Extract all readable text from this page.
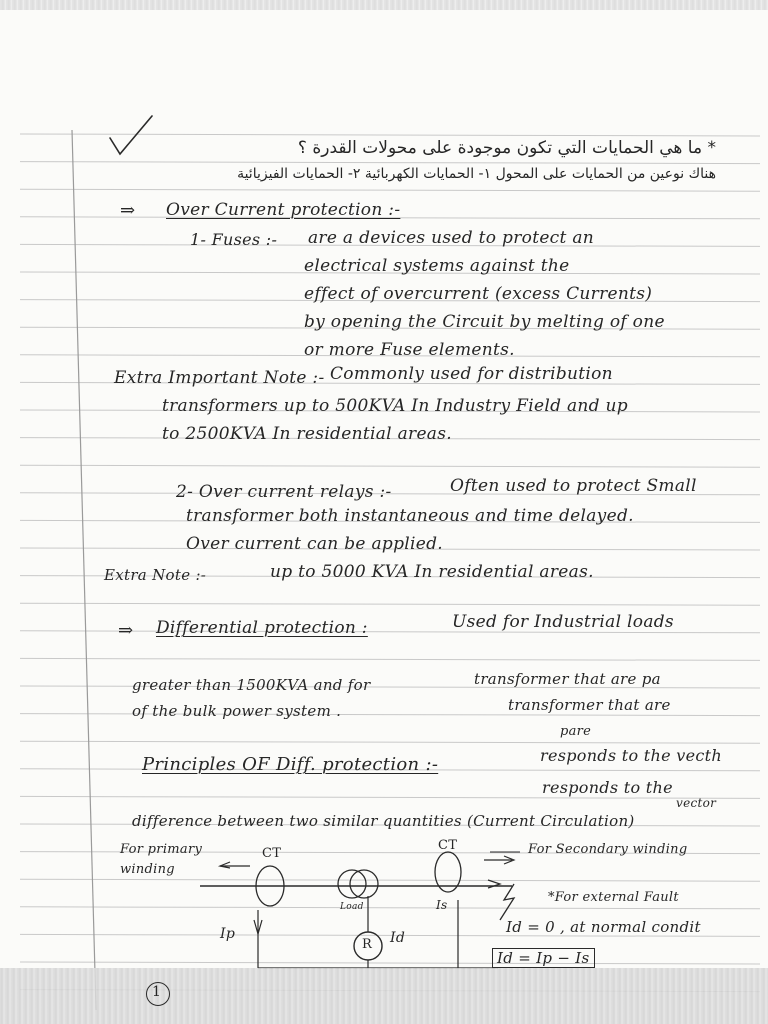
* ما هي الحمايات التي تكون موجودة على محولات القدرة ؟
هناك نوعين من الحمايات على المحول ١- الحمايات الكهربائية ٢- الحمايات الفيزيائية
⇒ Over Current protection :-
1- Fuses :- are a devices used to protect an
electrical systems against the
effect of overcurrent (excess Currents)
by opening the Circuit by melting of one
or more Fuse elements.
Extra Important Note :- Commonly used for distribution
transformers up to 500KVA In Industry Field and up
to 2500KVA In residential areas.
2- Over current relays :-	Often used to protect Small
transformer both instantaneous and time delayed.
Over current can be applied.
Extra Note :-	up to 5000 KVA In residential areas.
⇒ Differential protection :	Used for Industrial loads
greater than 1500KVA and for	transformer that are pa
of the bulk power system .	transformer that are
pare
Principles OF Diff. protection :-	responds to the vecth
responds to the
vector
difference between two similar quantities (Current Circulation)
CT
CT
For primary
winding
For Secondary winding
Load
Ip
Is
Id
R
*For external Fault
Id = 0 , at normal condit
Id = Ip − Is
1
